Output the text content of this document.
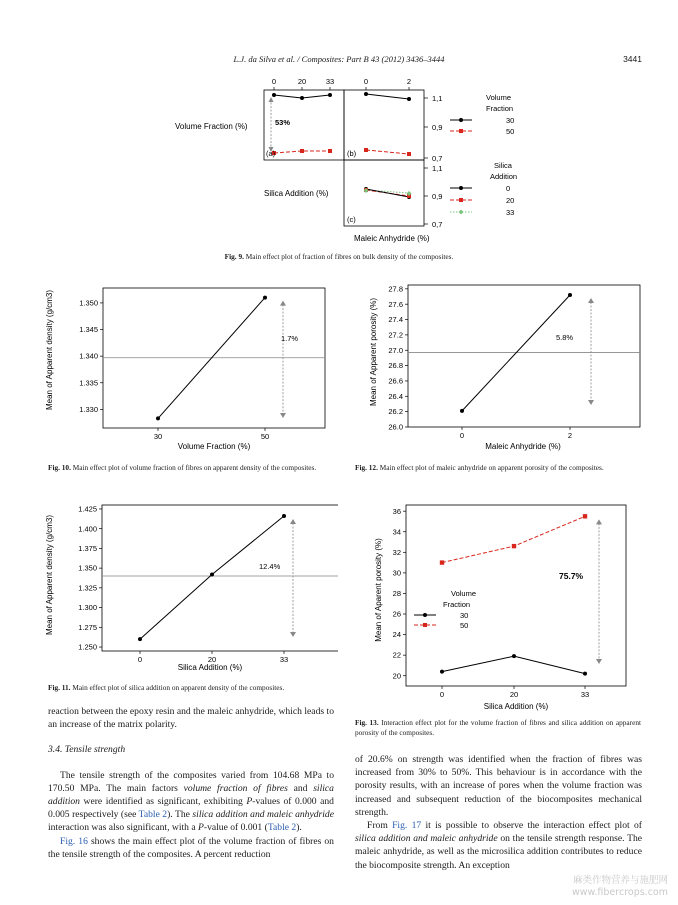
L.J. da Silva et al. / Composites: Part B 43 (2012) 3436–3444	3441
Volume Fraction (%)
Silica Addition (%)
0	20	33	0	2
1,1
0,9
0,7
1,1
0,9
0,7
53%
(a)	(b)
(c)
Maleic Anhydride (%)
Volume
Fraction
30
50
Silica
Addition
0
20
33
Fig. 9. Main effect plot of fraction of fibres on bulk density of the composites.
Mean of Apparent density (g/cm3)	1.330
1.335
1.340
1.345
1.350
30	50
1.7%
Volume Fraction (%)
Fig. 10. Main effect plot of volume fraction of fibres on apparent density of the composites.
Mean of Apparent porosity (%)
26.0
26.2
26.4
26.6
26.8
27.0
27.2
27.4
27.6
27.8
0	2
5.8%
Maleic Anhydride (%)
Fig. 12. Main effect plot of maleic anhydride on apparent porosity of the composites.
Mean of Apparent density (g/cm3)
1.250
1.275
1.300
1.325
1.350
1.375
1.400
1.425
0	20	33
12.4%
Silica Addition (%)
Fig. 11. Main effect plot of silica addition on apparent density of the composites.
Mean of Aparent porosity (%)
20
22
24
26
28
30
32
34
36
0	20	33
75.7%
Volume
Fraction
30
50
Silica Addition (%)
Fig. 13. Interaction effect plot for the volume fraction of fibres and silica addition on apparent porosity of the composites.

reaction between the epoxy resin and the maleic anhydride, which leads to an increase of the matrix polarity.

3.4. Tensile strength

The tensile strength of the composites varied from 104.68 MPa to 170.50 MPa. The main factors volume fraction of fibres and silica addition were identified as significant, exhibiting P-values of 0.000 and 0.005 respectively (see Table 2). The silica addition and maleic anhydride interaction was also significant, with a P-value of 0.001 (Table 2).

Fig. 16 shows the main effect plot of the volume fraction of fibres on the tensile strength of the composites. A percent reduction

of 20.6% on strength was identified when the fraction of fibres was increased from 30% to 50%. This behaviour is in accordance with the porosity results, with an increase of pores when the volume fraction was increased and subsequent reduction of the biocomposites mechanical strength.

From Fig. 17 it is possible to observe the interaction effect plot of silica addition and maleic anhydride on the tensile strength response. The maleic anhydride, as well as the microsilica addition contributes to reduce the biocomposite strength. An exception

麻类作物营养与施肥网
www.fibercrops.com
